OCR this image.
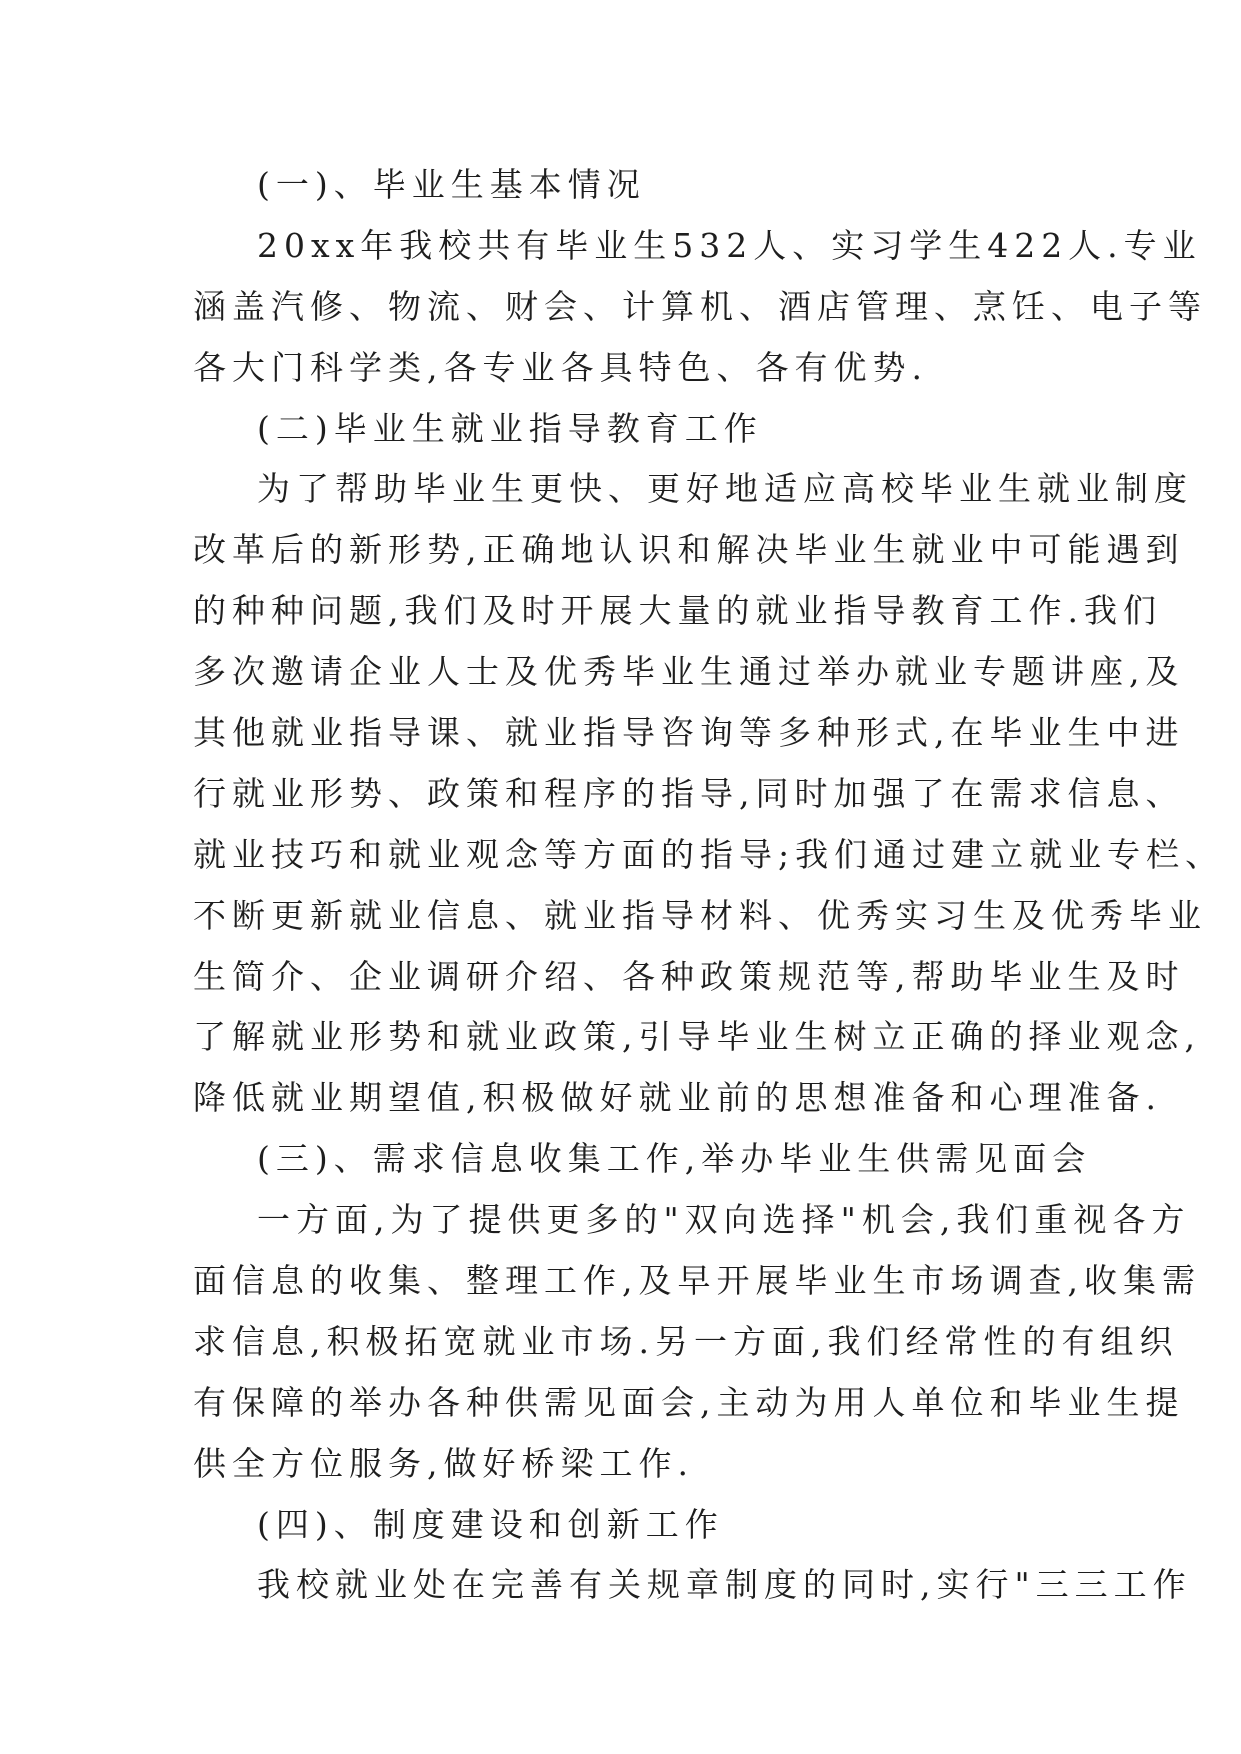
(一)、毕业生基本情况
20xx年我校共有毕业生532人、实习学生422人.专业
涵盖汽修、物流、财会、计算机、酒店管理、烹饪、电子等
各大门科学类,各专业各具特色、各有优势.
(二)毕业生就业指导教育工作
为了帮助毕业生更快、更好地适应高校毕业生就业制度
改革后的新形势,正确地认识和解决毕业生就业中可能遇到
的种种问题,我们及时开展大量的就业指导教育工作.我们
多次邀请企业人士及优秀毕业生通过举办就业专题讲座,及
其他就业指导课、就业指导咨询等多种形式,在毕业生中进
行就业形势、政策和程序的指导,同时加强了在需求信息、
就业技巧和就业观念等方面的指导;我们通过建立就业专栏、
不断更新就业信息、就业指导材料、优秀实习生及优秀毕业
生简介、企业调研介绍、各种政策规范等,帮助毕业生及时
了解就业形势和就业政策,引导毕业生树立正确的择业观念,
降低就业期望值,积极做好就业前的思想准备和心理准备.
(三)、需求信息收集工作,举办毕业生供需见面会
一方面,为了提供更多的"双向选择"机会,我们重视各方
面信息的收集、整理工作,及早开展毕业生市场调查,收集需
求信息,积极拓宽就业市场.另一方面,我们经常性的有组织
有保障的举办各种供需见面会,主动为用人单位和毕业生提
供全方位服务,做好桥梁工作.
(四)、制度建设和创新工作
我校就业处在完善有关规章制度的同时,实行"三三工作
